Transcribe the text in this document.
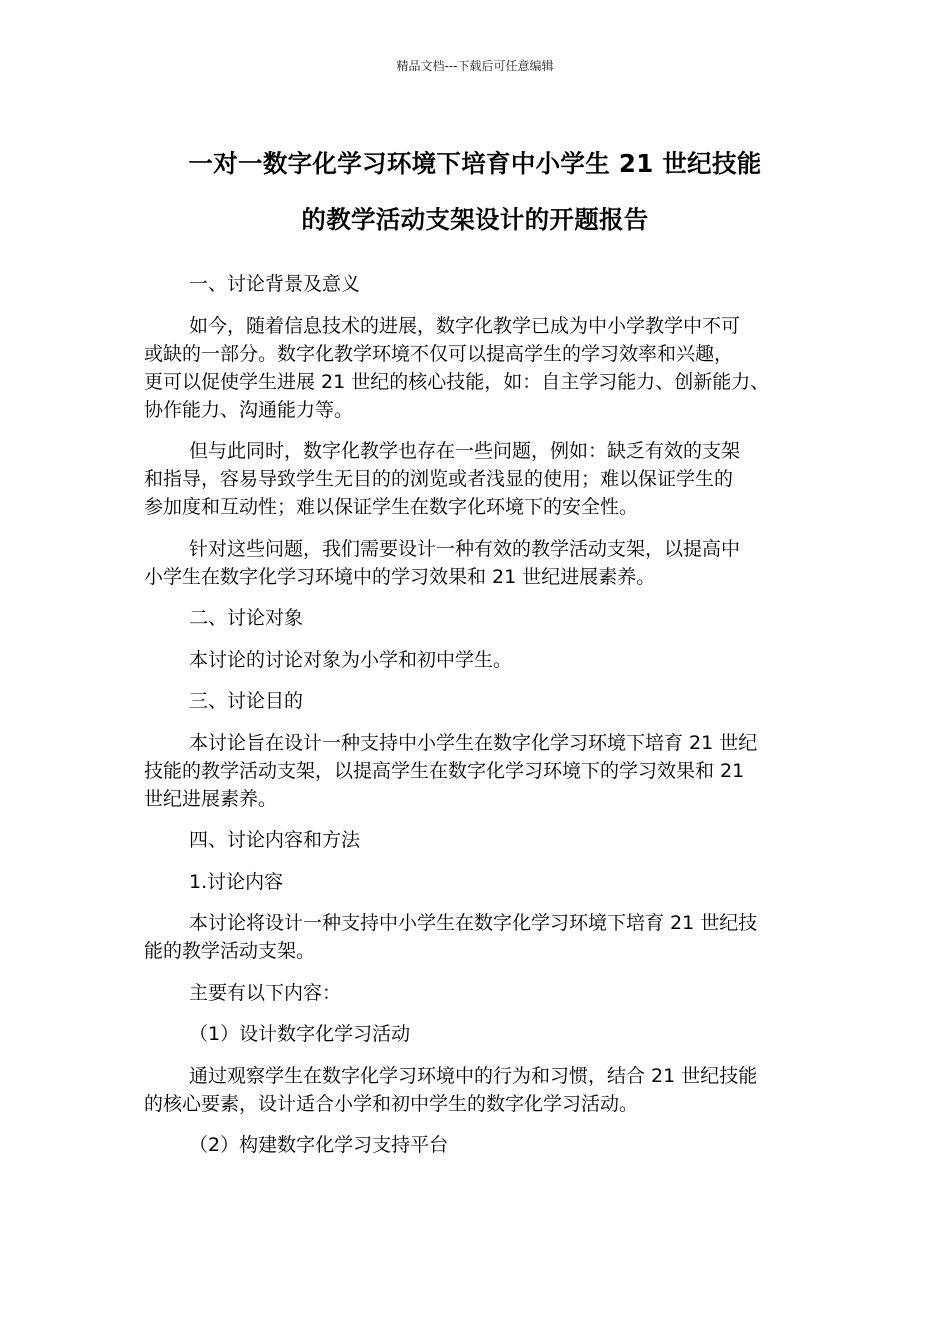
精品文档---下载后可任意编辑
一对一数字化学习环境下培育中小学生 21 世纪技能
的教学活动支架设计的开题报告
一、讨论背景及意义
如今，随着信息技术的进展，数字化教学已成为中小学教学中不可
或缺的一部分。数字化教学环境不仅可以提高学生的学习效率和兴趣，
更可以促使学生进展 21 世纪的核心技能，如：自主学习能力、创新能力、
协作能力、沟通能力等。
但与此同时，数字化教学也存在一些问题，例如：缺乏有效的支架
和指导，容易导致学生无目的的浏览或者浅显的使用；难以保证学生的
参加度和互动性；难以保证学生在数字化环境下的安全性。
针对这些问题，我们需要设计一种有效的教学活动支架，以提高中
小学生在数字化学习环境中的学习效果和 21 世纪进展素养。
二、讨论对象
本讨论的讨论对象为小学和初中学生。
三、讨论目的
本讨论旨在设计一种支持中小学生在数字化学习环境下培育 21 世纪
技能的教学活动支架，以提高学生在数字化学习环境下的学习效果和 21
世纪进展素养。
四、讨论内容和方法
1.讨论内容
本讨论将设计一种支持中小学生在数字化学习环境下培育 21 世纪技
能的教学活动支架。
主要有以下内容：
（1）设计数字化学习活动
通过观察学生在数字化学习环境中的行为和习惯，结合 21 世纪技能
的核心要素，设计适合小学和初中学生的数字化学习活动。
（2）构建数字化学习支持平台
